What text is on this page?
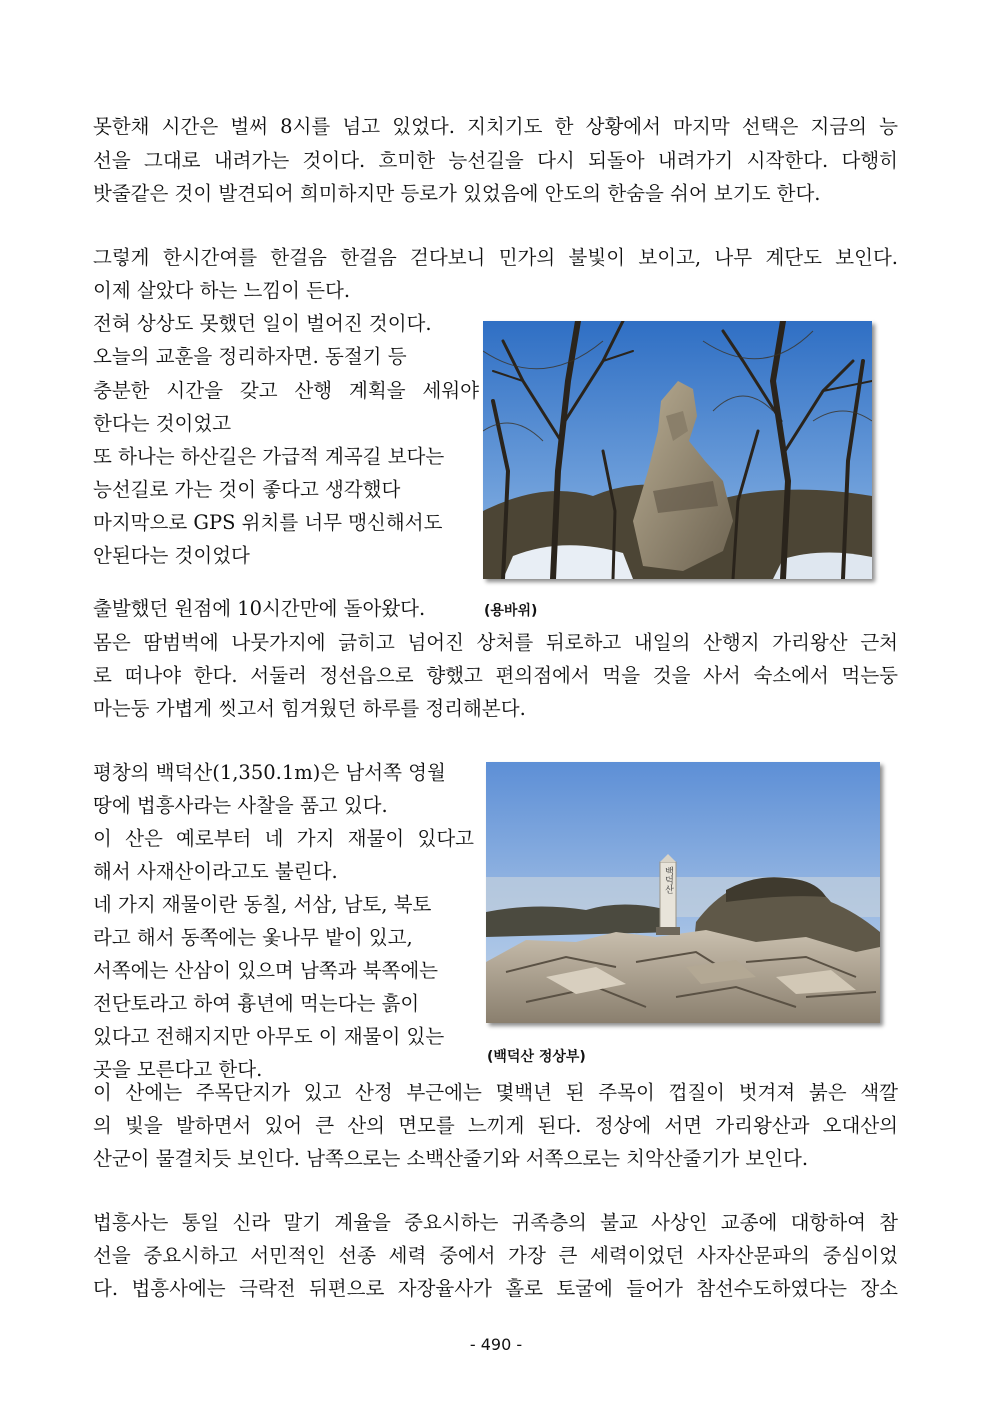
못한채 시간은 벌써 8시를 넘고 있었다. 지치기도 한 상황에서 마지막 선택은 지금의 능
선을 그대로 내려가는 것이다. 흐미한 능선길을 다시 되돌아 내려가기 시작한다. 다행히
밧줄같은 것이 발견되어 희미하지만 등로가 있었음에 안도의 한숨을 쉬어 보기도 한다.
그렇게 한시간여를 한걸음 한걸음 걷다보니 민가의 불빛이 보이고, 나무 계단도 보인다.
이제 살았다 하는 느낌이 든다.
전혀 상상도 못했던 일이 벌어진 것이다.
오늘의 교훈을 정리하자면. 동절기 등
충분한 시간을 갖고 산행 계획을 세워야
한다는 것이었고
또 하나는 하산길은 가급적 계곡길 보다는
능선길로 가는 것이 좋다고 생각했다
마지막으로 GPS 위치를 너무 맹신해서도
안된다는 것이었다
출발했던 원점에 10시간만에 돌아왔다.	(용바위)
몸은 땀범벅에 나뭇가지에 긁히고 넘어진 상처를 뒤로하고 내일의 산행지 가리왕산 근처
로 떠나야 한다. 서둘러 정선읍으로 향했고 편의점에서 먹을 것을 사서 숙소에서 먹는둥
마는둥 가볍게 씻고서 힘겨웠던 하루를 정리해본다.
평창의 백덕산(1,350.1m)은 남서쪽 영월
땅에 법흥사라는 사찰을 품고 있다.
이 산은 예로부터 네 가지 재물이 있다고
해서 사재산이라고도 불린다.
네 가지 재물이란 동칠, 서삼, 남토, 북토
라고 해서 동쪽에는 옻나무 밭이 있고,
서쪽에는 산삼이 있으며 남쪽과 북쪽에는
전단토라고 하여 흉년에 먹는다는 흙이
있다고 전해지지만 아무도 이 재물이 있는
곳을 모른다고 한다.
백덕산
(백덕산 정상부)
이 산에는 주목단지가 있고 산정 부근에는 몇백년 된 주목이 껍질이 벗겨져 붉은 색깔
의 빛을 발하면서 있어 큰 산의 면모를 느끼게 된다. 정상에 서면 가리왕산과 오대산의
산군이 물결치듯 보인다. 남쪽으로는 소백산줄기와 서쪽으로는 치악산줄기가 보인다.
법흥사는 통일 신라 말기 계율을 중요시하는 귀족층의 불교 사상인 교종에 대항하여 참
선을 중요시하고 서민적인 선종 세력 중에서 가장 큰 세력이었던 사자산문파의 중심이었
다. 법흥사에는 극락전 뒤편으로 자장율사가 홀로 토굴에 들어가 참선수도하였다는 장소
- 490 -
